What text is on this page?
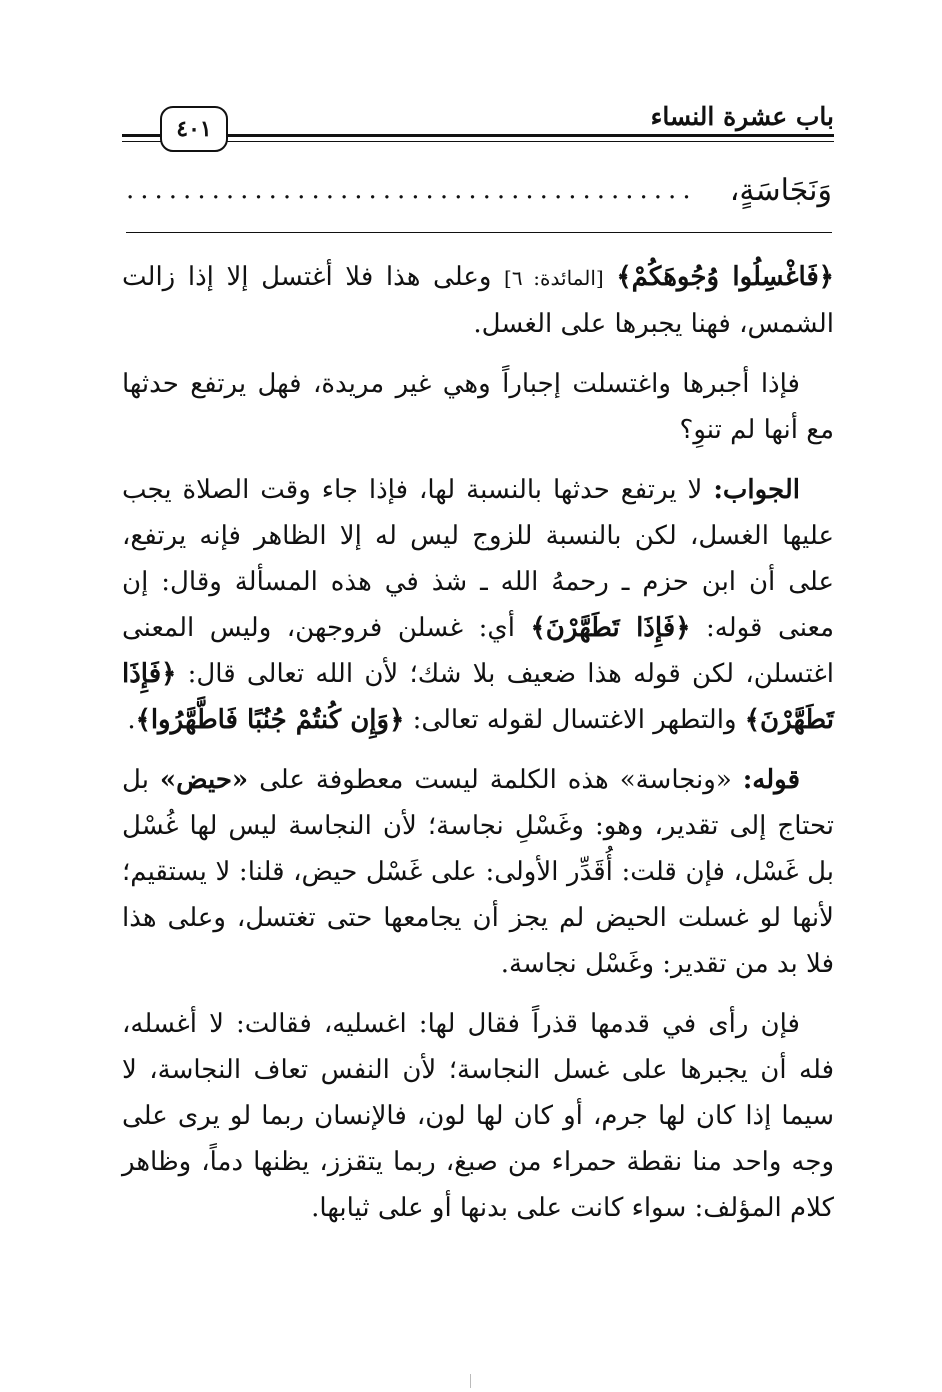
باب عشرة النساء
٤٠١
وَنَجَاسَةٍ،
........................................

﴿فَاغْسِلُوا وُجُوهَكُمْ﴾ [المائدة: ٦] وعلى هذا فلا أغتسل إلا إذا زالت الشمس، فهنا يجبرها على الغسل.

فإذا أجبرها واغتسلت إجباراً وهي غير مريدة، فهل يرتفع حدثها مع أنها لم تنوِ؟

الجواب: لا يرتفع حدثها بالنسبة لها، فإذا جاء وقت الصلاة يجب عليها الغسل، لكن بالنسبة للزوج ليس له إلا الظاهر فإنه يرتفع، على أن ابن حزم ـ رحمهُ الله ـ شذ في هذه المسألة وقال: إن معنى قوله: ﴿فَإِذَا تَطَهَّرْنَ﴾ أي: غسلن فروجهن، وليس المعنى اغتسلن، لكن قوله هذا ضعيف بلا شك؛ لأن الله تعالى قال: ﴿فَإِذَا تَطَهَّرْنَ﴾ والتطهر الاغتسال لقوله تعالى: ﴿وَإِن كُنتُمْ جُنُبًا فَاطَّهَّرُوا﴾.

قوله: «ونجاسة» هذه الكلمة ليست معطوفة على «حيض» بل تحتاج إلى تقدير، وهو: وغَسْلِ نجاسة؛ لأن النجاسة ليس لها غُسْل بل غَسْل، فإن قلت: أُقَدِّر الأولى: على غَسْل حيض، قلنا: لا يستقيم؛ لأنها لو غسلت الحيض لم يجز أن يجامعها حتى تغتسل، وعلى هذا فلا بد من تقدير: وغَسْل نجاسة.

فإن رأى في قدمها قذراً فقال لها: اغسليه، فقالت: لا أغسله، فله أن يجبرها على غسل النجاسة؛ لأن النفس تعاف النجاسة، لا سيما إذا كان لها جرم، أو كان لها لون، فالإنسان ربما لو يرى على وجه واحد منا نقطة حمراء من صبغ، ربما يتقزز، يظنها دماً، وظاهر كلام المؤلف: سواء كانت على بدنها أو على ثيابها.
